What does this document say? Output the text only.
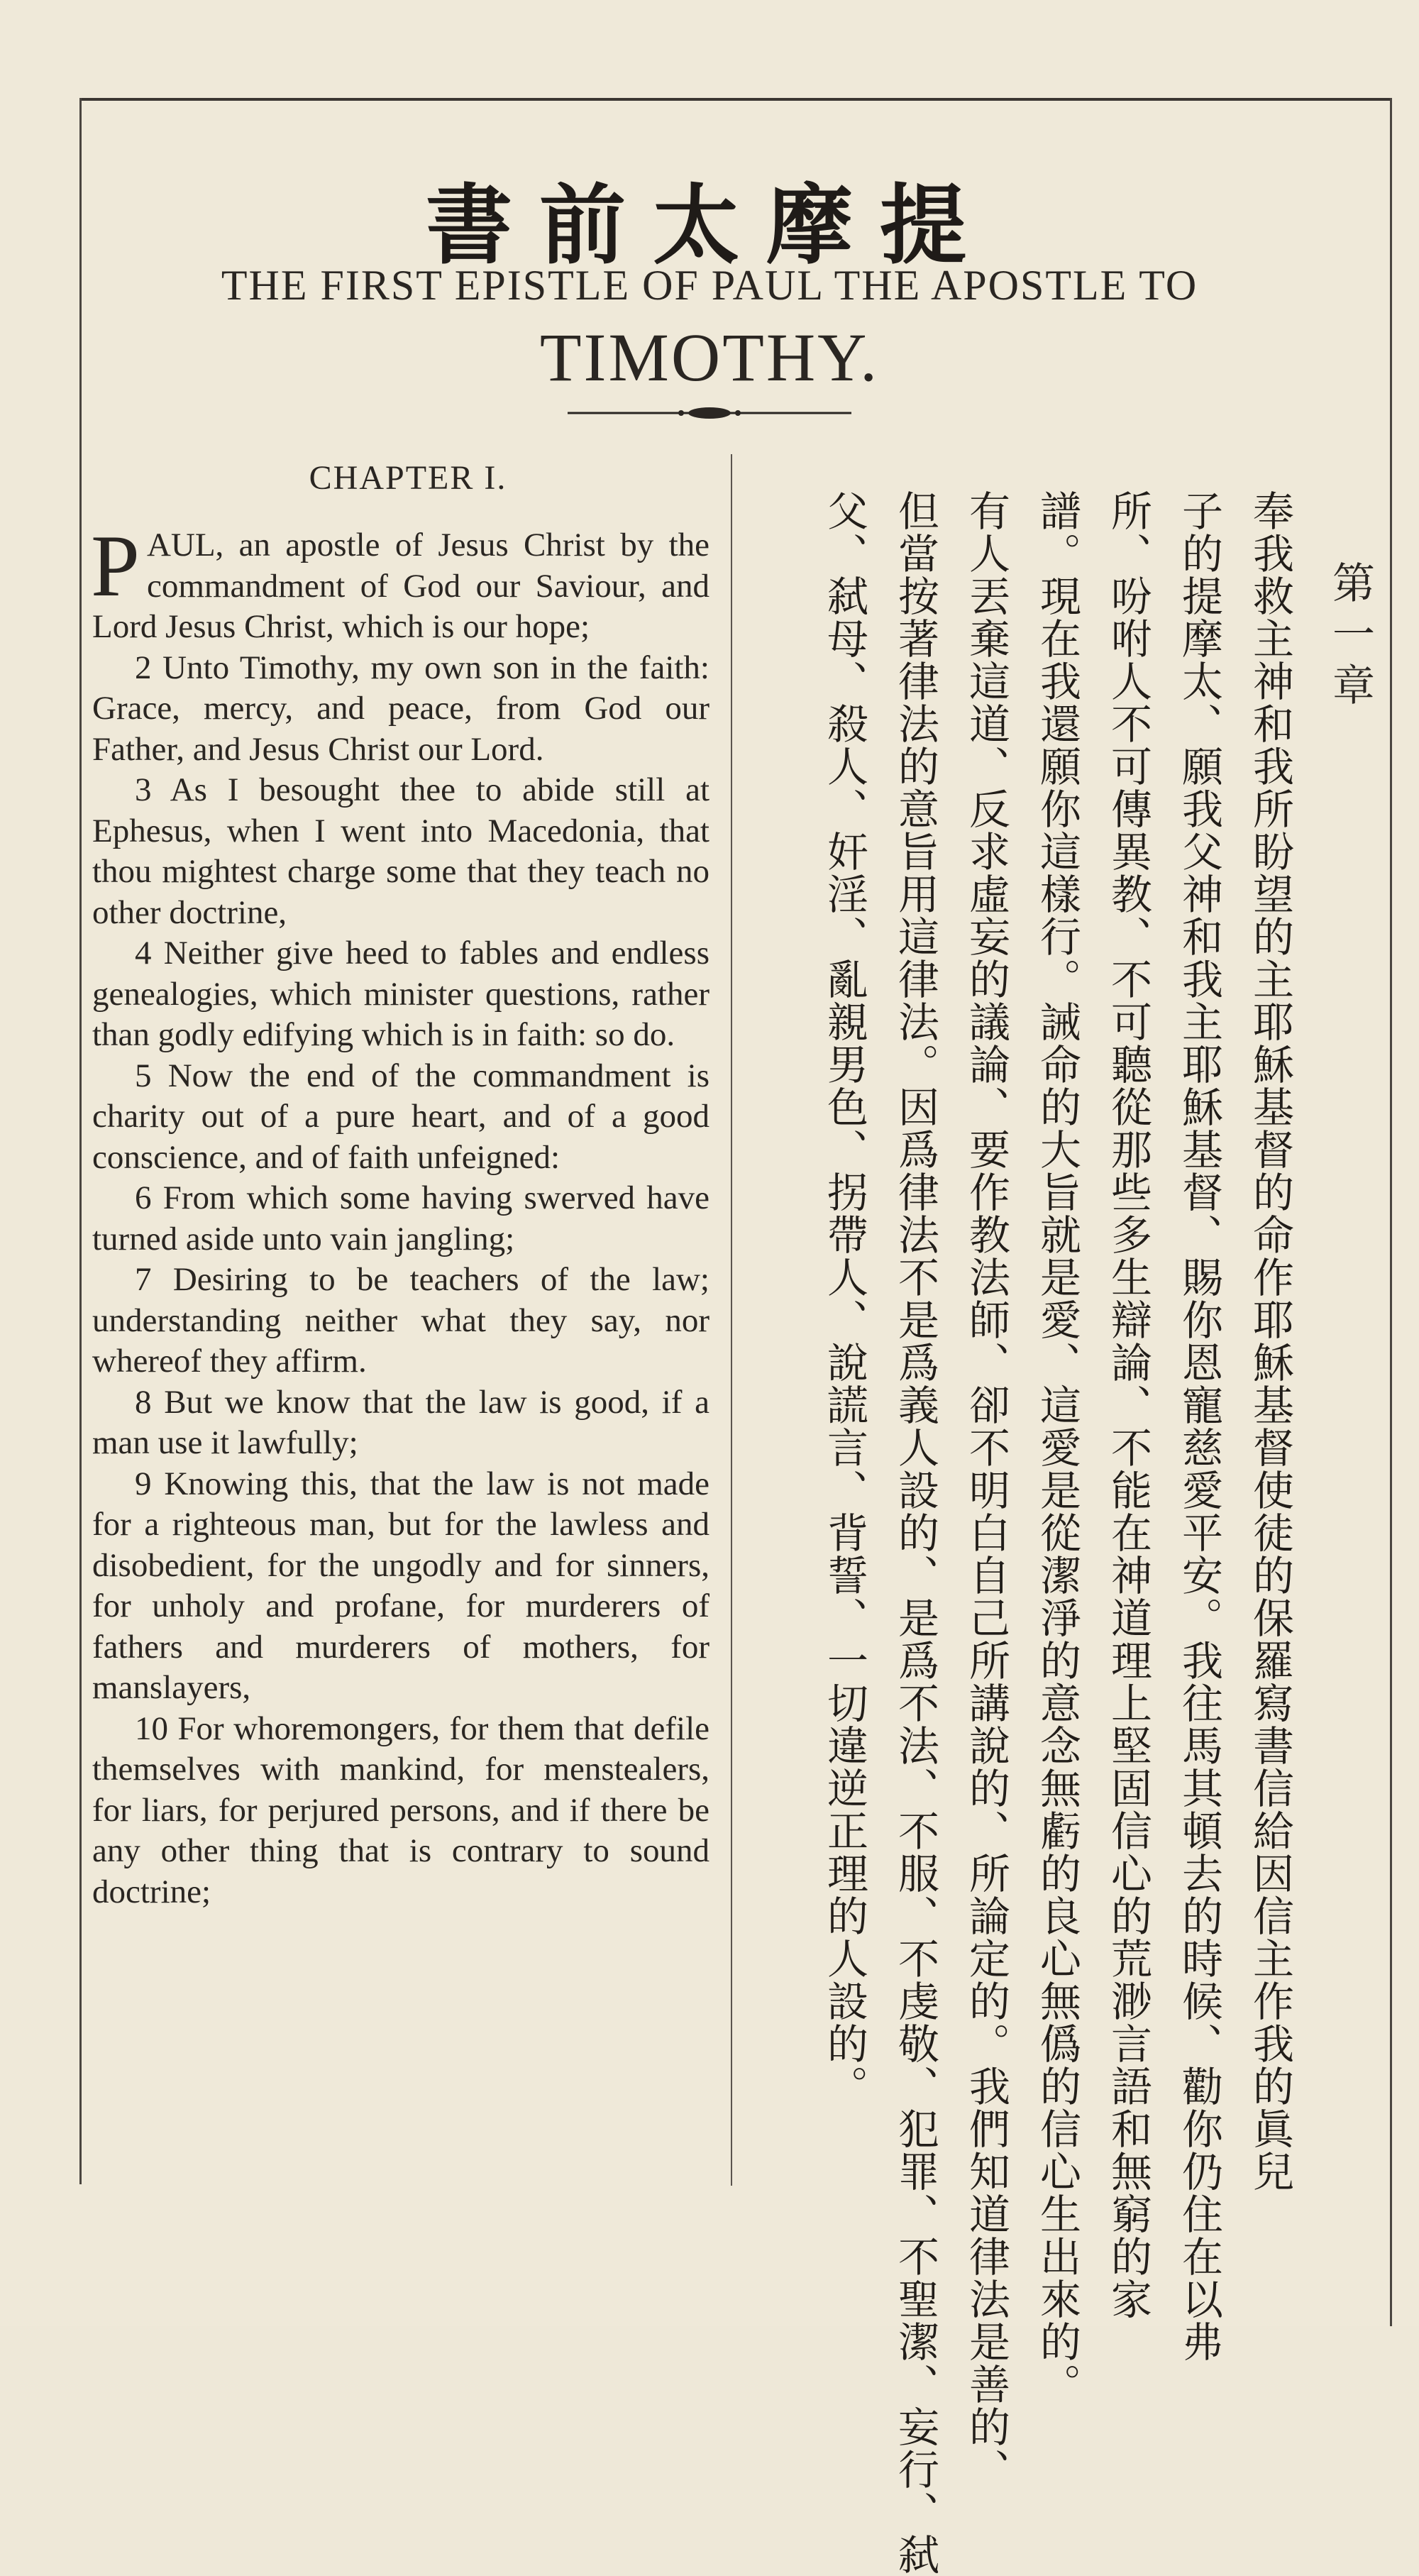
書前太摩提
THE FIRST EPISTLE OF PAUL THE APOSTLE TO
TIMOTHY.
CHAPTER I.

PAUL, an apostle of Jesus Christ by the commandment of God our Saviour, and Lord Jesus Christ, which is our hope;

2 Unto Timothy, my own son in the faith: Grace, mercy, and peace, from God our Father, and Jesus Christ our Lord.

3 As I besought thee to abide still at Ephesus, when I went into Macedonia, that thou mightest charge some that they teach no other doctrine,

4 Neither give heed to fables and endless genealogies, which minister questions, rather than godly edifying which is in faith: so do.

5 Now the end of the commandment is charity out of a pure heart, and of a good conscience, and of faith unfeigned:

6 From which some having swerved have turned aside unto vain jangling;

7 Desiring to be teachers of the law; understanding neither what they say, nor whereof they affirm.

8 But we know that the law is good, if a man use it lawfully;

9 Knowing this, that the law is not made for a righteous man, but for the lawless and disobedient, for the ungodly and for sinners, for unholy and profane, for murderers of fathers and murderers of mothers, for manslayers,

10 For whoremongers, for them that defile themselves with mankind, for menstealers, for liars, for perjured persons, and if there be any other thing that is contrary to sound doctrine;

第一章
奉我救主神和我所盼望的主耶穌基督的命作耶穌基督使徒的保羅寫書信給因信主作我的眞兒
子的提摩太、願我父神和我主耶穌基督、賜你恩寵慈愛平安。我往馬其頓去的時候、勸你仍住在以弗
所、吩咐人不可傳異教、不可聽從那些多生辯論、不能在神道理上堅固信心的荒渺言語和無窮的家
譜。現在我還願你這樣行。誡命的大旨就是愛、這愛是從潔淨的意念無虧的良心無僞的信心生出來的。
有人丟棄這道、反求虛妄的議論、要作教法師、卻不明白自己所講說的、所論定的。我們知道律法是善的、
但當按著律法的意旨用這律法。因爲律法不是爲義人設的、是爲不法、不服、不虔敬、犯罪、不聖潔、妄行、弑
父、弑母、殺人、奸淫、亂親男色、拐帶人、說謊言、背誓、一切違逆正理的人設的。
